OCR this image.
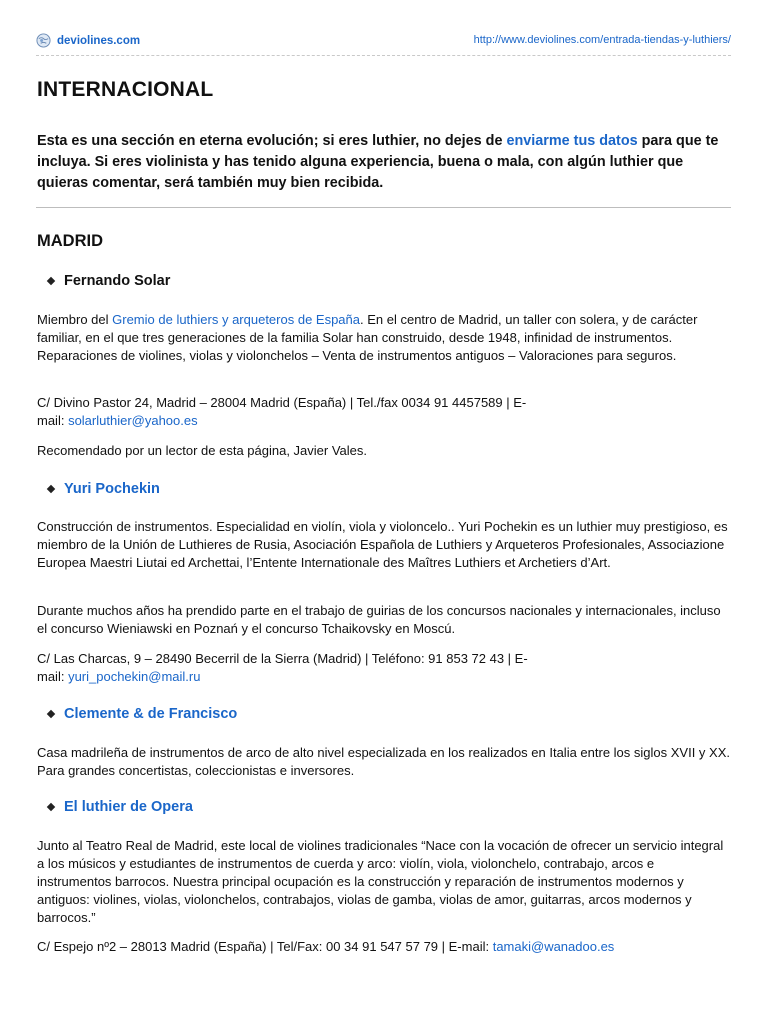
deviolines.com	http://www.deviolines.com/entrada-tiendas-y-luthiers/
INTERNACIONAL

Esta es una sección en eterna evolución; si eres luthier, no dejes de enviarme tus datos para que te incluya. Si eres violinista y has tenido alguna experiencia, buena o mala, con algún luthier que quieras comentar, será también muy bien recibida.

MADRID
Fernando Solar

Miembro del Gremio de luthiers y arqueteros de España. En el centro de Madrid, un taller con solera, y de carácter familiar, en el que tres generaciones de la familia Solar han construido, desde 1948, infinidad de instrumentos. Reparaciones de violines, violas y violonchelos – Venta de instrumentos antiguos – Valoraciones para seguros.

C/ Divino Pastor 24, Madrid – 28004 Madrid (España) | Tel./fax 0034 91 4457589 | E-
mail: solarluthier@yahoo.es

Recomendado por un lector de esta página, Javier Vales.

Yuri Pochekin

Construcción de instrumentos. Especialidad en violín, viola y violoncelo.. Yuri Pochekin es un luthier muy prestigioso, es miembro de la Unión de Luthieres de Rusia, Asociación Española de Luthiers y Arqueteros Profesionales, Associazione Europea Maestri Liutai ed Archettai, l’Entente Internationale des Maîtres Luthiers et Archetiers d’Art.

Durante muchos años ha prendido parte en el trabajo de guirias de los concursos nacionales y internacionales, incluso el concurso Wieniawski en Poznań y el concurso Tchaikovsky en Moscú.

C/ Las Charcas, 9 – 28490 Becerril de la Sierra (Madrid) | Teléfono: 91 853 72 43 | E-
mail: yuri_pochekin@mail.ru

Clemente & de Francisco

Casa madrileña de instrumentos de arco de alto nivel especializada en los realizados en Italia entre los siglos XVII y XX. Para grandes concertistas, coleccionistas e inversores.

El luthier de Opera

Junto al Teatro Real de Madrid, este local de violines tradicionales “Nace con la vocación de ofrecer un servicio integral a los músicos y estudiantes de instrumentos de cuerda y arco: violín, viola, violonchelo, contrabajo, arcos e instrumentos barrocos. Nuestra principal ocupación es la construcción y reparación de instrumentos modernos y antiguos: violines, violas, violonchelos, contrabajos, violas de gamba, violas de amor, guitarras, arcos modernos y barrocos.”

C/ Espejo nº2 – 28013 Madrid (España) | Tel/Fax: 00 34 91 547 57 79 | E-mail: tamaki@wanadoo.es
